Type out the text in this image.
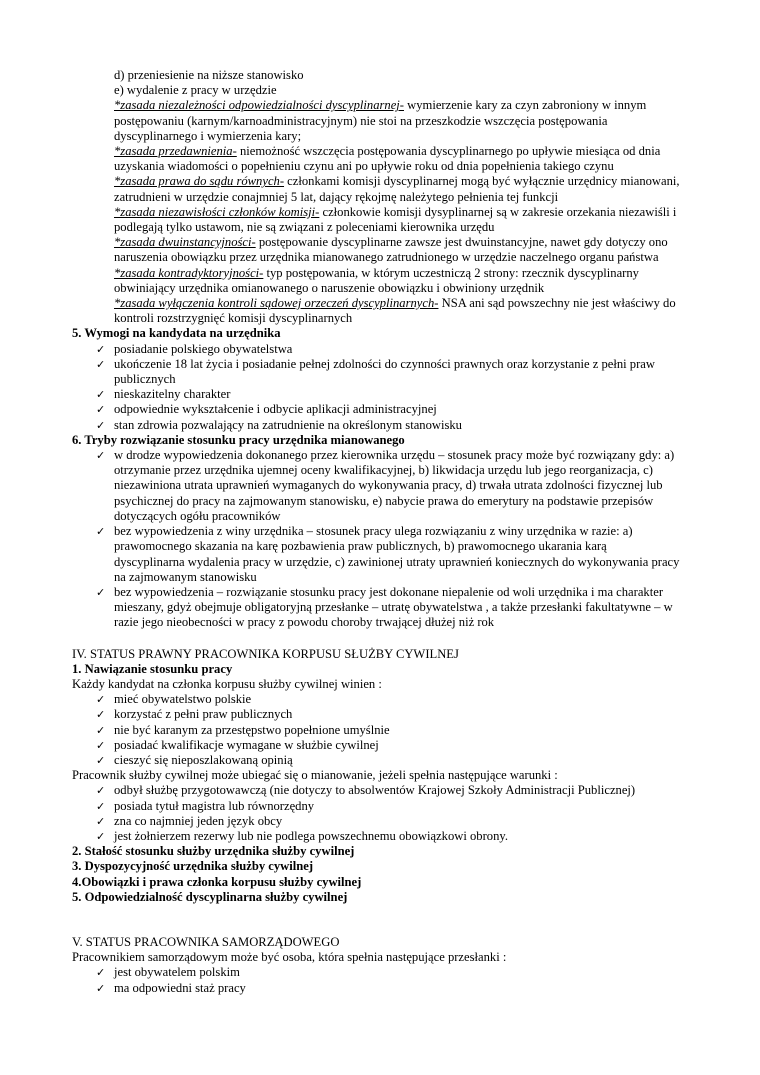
d) przeniesienie na niższe stanowisko
e) wydalenie z pracy w urzędzie
*zasada niezależności odpowiedzialności dyscyplinarnej- wymierzenie kary za czyn zabroniony w innym
postępowaniu (karnym/karnoadministracyjnym) nie stoi na przeszkodzie wszczęcia postępowania
dyscyplinarnego i wymierzenia kary;
*zasada przedawnienia- niemożność wszczęcia postępowania dyscyplinarnego po upływie miesiąca od dnia
uzyskania wiadomości o popełnieniu czynu ani po upływie roku od dnia popełnienia takiego czynu
*zasada prawa do sądu równych- członkami komisji dyscyplinarnej mogą być wyłącznie urzędnicy mianowani,
zatrudnieni w urzędzie conajmniej 5 lat, dający rękojmę należytego pełnienia tej funkcji
*zasada niezawisłości członków komisji- członkowie komisji dysyplinarnej są w zakresie orzekania niezawiśli i
podlegają tylko ustawom, nie są związani z poleceniami kierownika urzędu
*zasada dwuinstancyjności- postępowanie dyscyplinarne zawsze jest dwuinstancyjne, nawet gdy dotyczy ono
naruszenia obowiązku przez urzędnika mianowanego zatrudnionego w urzędzie naczelnego organu państwa
*zasada kontradyktoryjności- typ postępowania, w którym uczestniczą 2 strony: rzecznik dyscyplinarny
obwiniający urzędnika omianowanego o naruszenie obowiązku i obwiniony urzędnik
*zasada wyłączenia kontroli sądowej orzeczeń dyscyplinarnych- NSA ani sąd powszechny nie jest właściwy do
kontroli rozstrzygnięć komisji dyscyplinarnych
5. Wymogi na kandydata na urzędnika
✓ posiadanie polskiego obywatelstwa
✓ ukończenie 18 lat życia i posiadanie pełnej zdolności do czynności prawnych oraz korzystanie z pełni praw
publicznych
✓ nieskazitelny charakter
✓ odpowiednie wykształcenie i odbycie aplikacji administracyjnej
✓ stan zdrowia pozwalający na zatrudnienie na określonym stanowisku
6. Tryby rozwiązanie stosunku pracy urzędnika mianowanego
✓ w drodze wypowiedzenia dokonanego przez kierownika urzędu – stosunek pracy może być rozwiązany gdy: a)
otrzymanie przez urzędnika ujemnej oceny kwalifikacyjnej, b) likwidacja urzędu lub jego reorganizacja, c)
niezawiniona utrata uprawnień wymaganych do wykonywania pracy, d) trwała utrata zdolności fizycznej lub
psychicznej do pracy na zajmowanym stanowisku, e) nabycie prawa do emerytury na podstawie przepisów
dotyczących ogółu pracowników
✓ bez wypowiedzenia z winy urzędnika – stosunek pracy ulega rozwiązaniu z winy urzędnika w razie: a)
prawomocnego skazania na karę pozbawienia praw publicznych, b) prawomocnego ukarania karą
dyscyplinarna wydalenia pracy w urzędzie, c) zawinionej utraty uprawnień koniecznych do wykonywania pracy
na zajmowanym stanowisku
✓ bez wypowiedzenia – rozwiązanie stosunku pracy jest dokonane niepalenie od woli urzędnika i ma charakter
mieszany, gdyż obejmuje obligatoryjną przesłanke – utratę obywatelstwa , a także przesłanki fakultatywne – w
razie jego nieobecności w pracy z powodu choroby trwającej dłużej niż rok
IV. STATUS PRAWNY PRACOWNIKA KORPUSU SŁUŻBY CYWILNEJ
1. Nawiązanie stosunku pracy
Każdy kandydat na członka korpusu służby cywilnej winien :
✓ mieć obywatelstwo polskie
✓ korzystać z pełni praw publicznych
✓ nie być karanym za przestępstwo popełnione umyślnie
✓ posiadać kwalifikacje wymagane w służbie cywilnej
✓ cieszyć się nieposzlakowaną opinią
Pracownik służby cywilnej może ubiegać się o mianowanie, jeżeli spełnia następujące warunki :
✓ odbył służbę przygotowawczą (nie dotyczy to absolwentów Krajowej Szkoły Administracji Publicznej)
✓ posiada tytuł magistra lub równorzędny
✓ zna co najmniej jeden język obcy
✓ jest żołnierzem rezerwy lub nie podlega powszechnemu obowiązkowi obrony.
2. Stałość stosunku służby urzędnika służby cywilnej
3. Dyspozycyjność urzędnika służby cywilnej
4.Obowiązki i prawa członka korpusu służby cywilnej
5. Odpowiedzialność dyscyplinarna służby cywilnej
V. STATUS PRACOWNIKA SAMORZĄDOWEGO
Pracownikiem samorządowym może być osoba, która spełnia następujące przesłanki :
✓ jest obywatelem polskim
✓ ma odpowiedni staż pracy
